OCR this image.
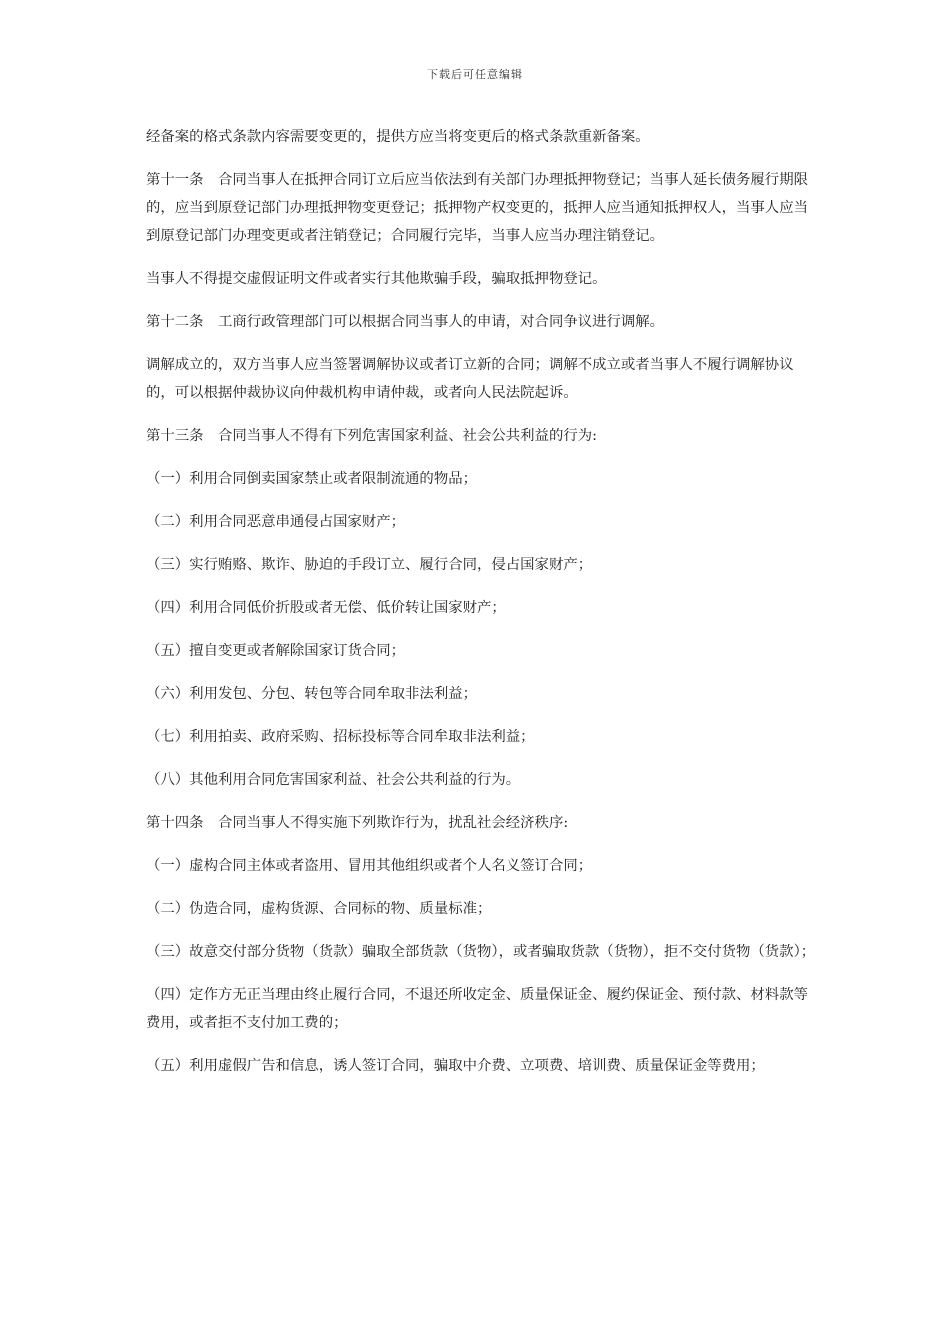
下载后可任意编辑

经备案的格式条款内容需要变更的，提供方应当将变更后的格式条款重新备案。

第十一条　合同当事人在抵押合同订立后应当依法到有关部门办理抵押物登记；当事人延长债务履行期限的，应当到原登记部门办理抵押物变更登记；抵押物产权变更的，抵押人应当通知抵押权人，当事人应当到原登记部门办理变更或者注销登记；合同履行完毕，当事人应当办理注销登记。

当事人不得提交虚假证明文件或者实行其他欺骗手段，骗取抵押物登记。

第十二条　工商行政管理部门可以根据合同当事人的申请，对合同争议进行调解。

调解成立的，双方当事人应当签署调解协议或者订立新的合同；调解不成立或者当事人不履行调解协议的，可以根据仲裁协议向仲裁机构申请仲裁，或者向人民法院起诉。

第十三条　合同当事人不得有下列危害国家利益、社会公共利益的行为:

（一）利用合同倒卖国家禁止或者限制流通的物品；

（二）利用合同恶意串通侵占国家财产；

（三）实行贿赂、欺诈、胁迫的手段订立、履行合同，侵占国家财产；

（四）利用合同低价折股或者无偿、低价转让国家财产；

（五）擅自变更或者解除国家订货合同；

（六）利用发包、分包、转包等合同牟取非法利益；

（七）利用拍卖、政府采购、招标投标等合同牟取非法利益；

（八）其他利用合同危害国家利益、社会公共利益的行为。

第十四条　合同当事人不得实施下列欺诈行为，扰乱社会经济秩序:

（一）虚构合同主体或者盗用、冒用其他组织或者个人名义签订合同；

（二）伪造合同，虚构货源、合同标的物、质量标准；

（三）故意交付部分货物（货款）骗取全部货款（货物），或者骗取货款（货物），拒不交付货物（货款）；

（四）定作方无正当理由终止履行合同，不退还所收定金、质量保证金、履约保证金、预付款、材料款等费用，或者拒不支付加工费的；

（五）利用虚假广告和信息，诱人签订合同，骗取中介费、立项费、培训费、质量保证金等费用；
